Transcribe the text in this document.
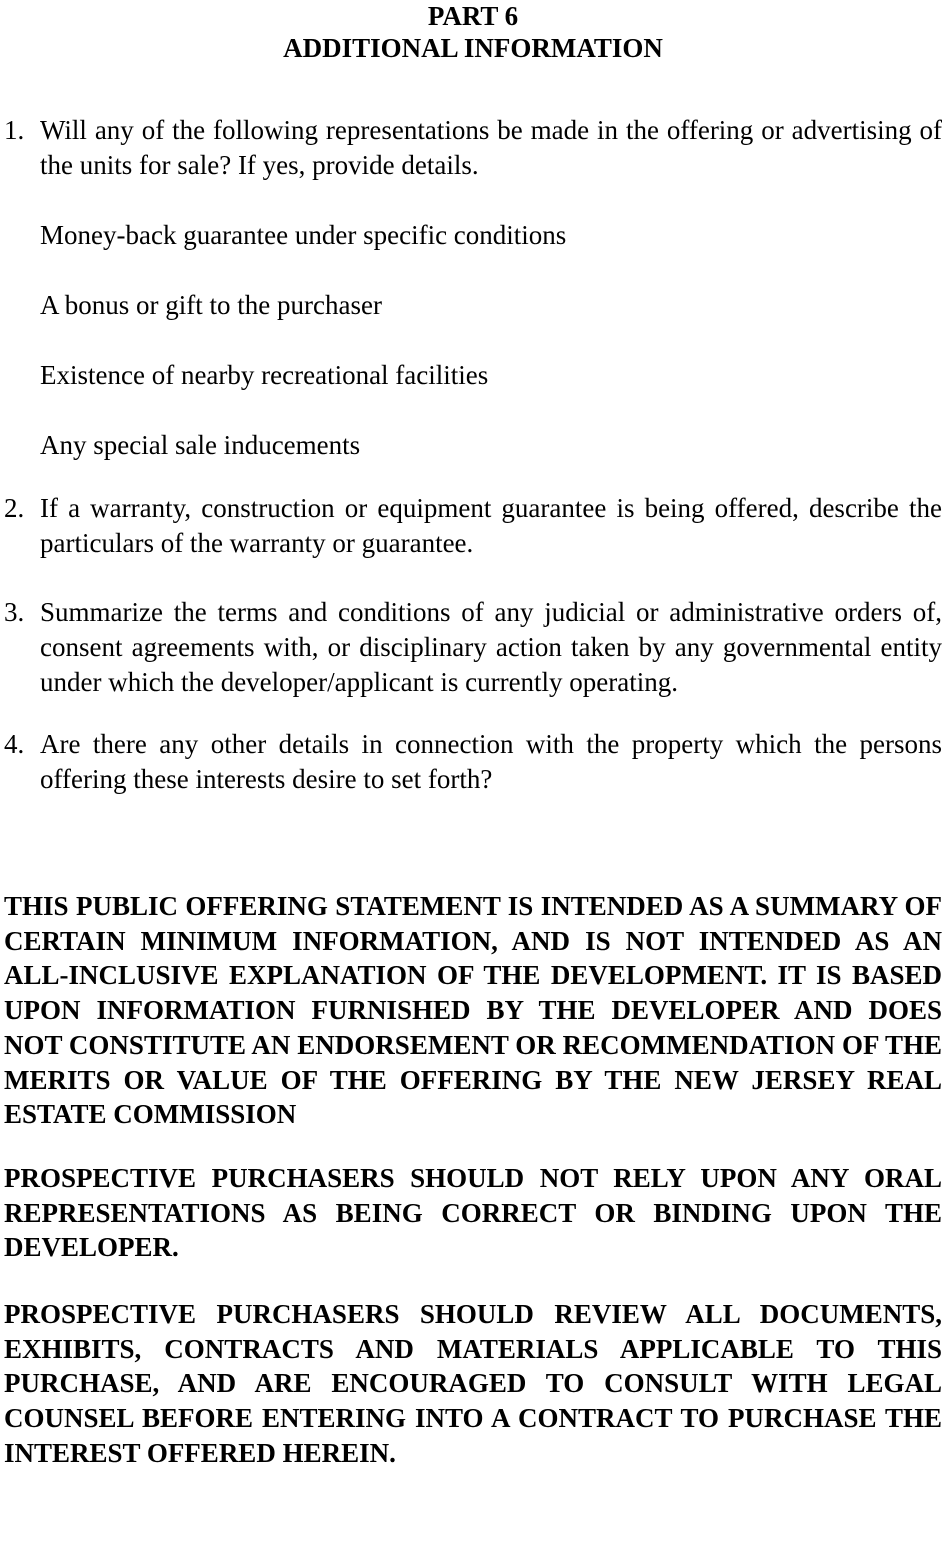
PART 6
ADDITIONAL INFORMATION
1. Will any of the following representations be made in the offering or advertising of the units for sale? If yes, provide details.
Money-back guarantee under specific conditions
A bonus or gift to the purchaser
Existence of nearby recreational facilities
Any special sale inducements
2. If a warranty, construction or equipment guarantee is being offered, describe the particulars of the warranty or guarantee.
3. Summarize the terms and conditions of any judicial or administrative orders of, consent agreements with, or disciplinary action taken by any governmental entity under which the developer/applicant is currently operating.
4. Are there any other details in connection with the property which the persons offering these interests desire to set forth?

THIS PUBLIC OFFERING STATEMENT IS INTENDED AS A SUMMARY OF CERTAIN MINIMUM INFORMATION, AND IS NOT INTENDED AS AN ALL-INCLUSIVE EXPLANATION OF THE DEVELOPMENT. IT IS BASED UPON INFORMATION FURNISHED BY THE DEVELOPER AND DOES NOT CONSTITUTE AN ENDORSEMENT OR RECOMMENDATION OF THE MERITS OR VALUE OF THE OFFERING BY THE NEW JERSEY REAL ESTATE COMMISSION

PROSPECTIVE PURCHASERS SHOULD NOT RELY UPON ANY ORAL REPRESENTATIONS AS BEING CORRECT OR BINDING UPON THE DEVELOPER.

PROSPECTIVE PURCHASERS SHOULD REVIEW ALL DOCUMENTS, EXHIBITS, CONTRACTS AND MATERIALS APPLICABLE TO THIS PURCHASE, AND ARE ENCOURAGED TO CONSULT WITH LEGAL COUNSEL BEFORE ENTERING INTO A CONTRACT TO PURCHASE THE INTEREST OFFERED HEREIN.
